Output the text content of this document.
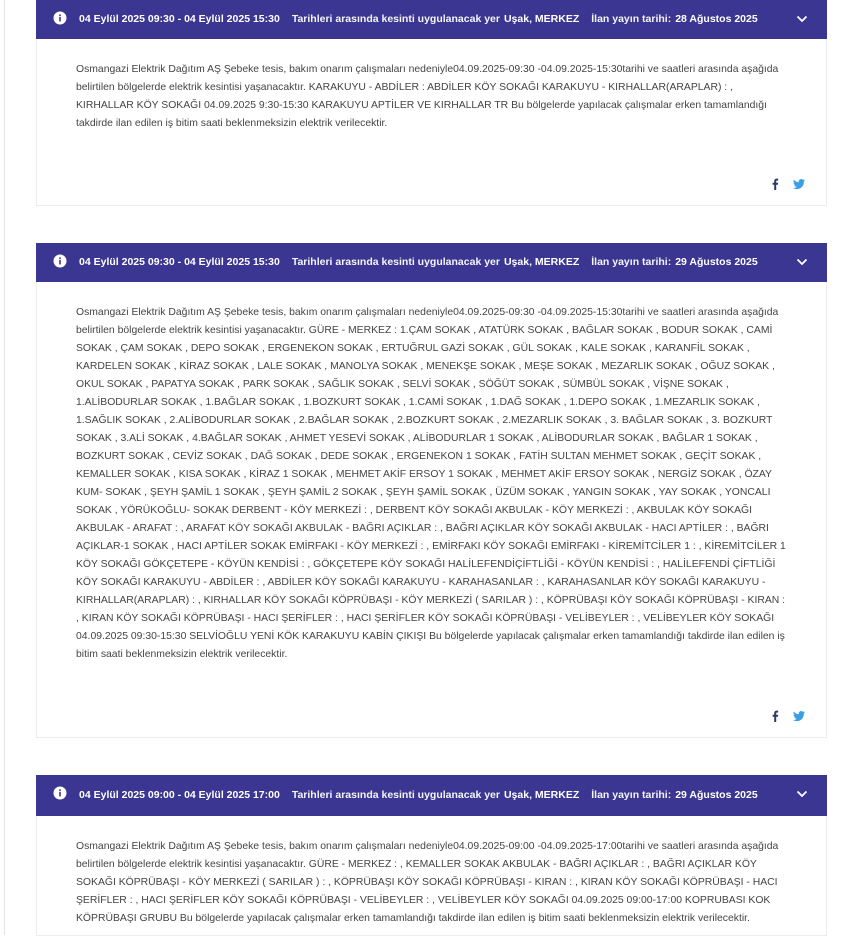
04 Eylül 2025 09:30 - 04 Eylül 2025 15:30 Tarihleri arasında kesinti uygulanacak yer Uşak, MERKEZ İlan yayın tarihi: 28 Ağustos 2025

Osmangazi Elektrik Dağıtım AŞ Şebeke tesis, bakım onarım çalışmaları nedeniyle04.09.2025-09:30 -04.09.2025-15:30tarihi ve saatleri arasında aşağıda belirtilen bölgelerde elektrik kesintisi yaşanacaktır. KARAKUYU - ABDİLER : ABDİLER KÖY SOKAĞI KARAKUYU - KIRHALLAR(ARAPLAR) : , KIRHALLAR KÖY SOKAĞI 04.09.2025 9:30-15:30 KARAKUYU APTİLER VE KIRHALLAR TR Bu bölgelerde yapılacak çalışmalar erken tamamlandığı takdirde ilan edilen iş bitim saati beklenmeksizin elektrik verilecektir.

04 Eylül 2025 09:30 - 04 Eylül 2025 15:30 Tarihleri arasında kesinti uygulanacak yer Uşak, MERKEZ İlan yayın tarihi: 29 Ağustos 2025

Osmangazi Elektrik Dağıtım AŞ Şebeke tesis, bakım onarım çalışmaları nedeniyle04.09.2025-09:30 -04.09.2025-15:30tarihi ve saatleri arasında aşağıda belirtilen bölgelerde elektrik kesintisi yaşanacaktır. GÜRE - MERKEZ : 1.ÇAM SOKAK , ATATÜRK SOKAK , BAĞLAR SOKAK , BODUR SOKAK , CAMİ SOKAK , ÇAM SOKAK , DEPO SOKAK , ERGENEKON SOKAK , ERTUĞRUL GAZİ SOKAK , GÜL SOKAK , KALE SOKAK , KARANFİL SOKAK , KARDELEN SOKAK , KİRAZ SOKAK , LALE SOKAK , MANOLYA SOKAK , MENEKŞE SOKAK , MEŞE SOKAK , MEZARLIK SOKAK , OĞUZ SOKAK , OKUL SOKAK , PAPATYA SOKAK , PARK SOKAK , SAĞLIK SOKAK , SELVİ SOKAK , SÖĞÜT SOKAK , SÜMBÜL SOKAK , VİŞNE SOKAK , 1.ALİBODURLAR SOKAK , 1.BAĞLAR SOKAK , 1.BOZKURT SOKAK , 1.CAMİ SOKAK , 1.DAĞ SOKAK , 1.DEPO SOKAK , 1.MEZARLIK SOKAK , 1.SAĞLIK SOKAK , 2.ALİBODURLAR SOKAK , 2.BAĞLAR SOKAK , 2.BOZKURT SOKAK , 2.MEZARLIK SOKAK , 3. BAĞLAR SOKAK , 3. BOZKURT SOKAK , 3.ALİ SOKAK , 4.BAĞLAR SOKAK , AHMET YESEVİ SOKAK , ALİBODURLAR 1 SOKAK , ALİBODURLAR SOKAK , BAĞLAR 1 SOKAK , BOZKURT SOKAK , CEVİZ SOKAK , DAĞ SOKAK , DEDE SOKAK , ERGENEKON 1 SOKAK , FATİH SULTAN MEHMET SOKAK , GEÇİT SOKAK , KEMALLER SOKAK , KISA SOKAK , KİRAZ 1 SOKAK , MEHMET AKİF ERSOY 1 SOKAK , MEHMET AKİF ERSOY SOKAK , NERGİZ SOKAK , ÖZAY KUM- SOKAK , ŞEYH ŞAMİL 1 SOKAK , ŞEYH ŞAMİL 2 SOKAK , ŞEYH ŞAMİL SOKAK , ÜZÜM SOKAK , YANGIN SOKAK , YAY SOKAK , YONCALI SOKAK , YÖRÜKOĞLU- SOKAK DERBENT - KÖY MERKEZİ : , DERBENT KÖY SOKAĞI AKBULAK - KÖY MERKEZİ : , AKBULAK KÖY SOKAĞI AKBULAK - ARAFAT : , ARAFAT KÖY SOKAĞI AKBULAK - BAĞRI AÇIKLAR : , BAĞRI AÇIKLAR KÖY SOKAĞI AKBULAK - HACI APTİLER : , BAĞRI AÇIKLAR-1 SOKAK , HACI APTİLER SOKAK EMİRFAKI - KÖY MERKEZİ : , EMİRFAKI KÖY SOKAĞI EMİRFAKI - KİREMİTCİLER 1 : , KİREMİTCİLER 1 KÖY SOKAĞI GÖKÇETEPE - KÖYÜN KENDİSİ : , GÖKÇETEPE KÖY SOKAĞI HALİLEFENDİÇİFTLİĞİ - KÖYÜN KENDİSİ : , HALİLEFENDİ ÇİFTLİĞİ KÖY SOKAĞI KARAKUYU - ABDİLER : , ABDİLER KÖY SOKAĞI KARAKUYU - KARAHASANLAR : , KARAHASANLAR KÖY SOKAĞI KARAKUYU - KIRHALLAR(ARAPLAR) : , KIRHALLAR KÖY SOKAĞI KÖPRÜBAŞI - KÖY MERKEZİ ( SARILAR ) : , KÖPRÜBAŞI KÖY SOKAĞI KÖPRÜBAŞI - KIRAN : , KIRAN KÖY SOKAĞI KÖPRÜBAŞI - HACI ŞERİFLER : , HACI ŞERİFLER KÖY SOKAĞI KÖPRÜBAŞI - VELİBEYLER : , VELİBEYLER KÖY SOKAĞI 04.09.2025 09:30-15:30 SELVİOĞLU YENİ KÖK KARAKUYU KABİN ÇIKIŞI Bu bölgelerde yapılacak çalışmalar erken tamamlandığı takdirde ilan edilen iş bitim saati beklenmeksizin elektrik verilecektir.

04 Eylül 2025 09:00 - 04 Eylül 2025 17:00 Tarihleri arasında kesinti uygulanacak yer Uşak, MERKEZ İlan yayın tarihi: 29 Ağustos 2025

Osmangazi Elektrik Dağıtım AŞ Şebeke tesis, bakım onarım çalışmaları nedeniyle04.09.2025-09:00 -04.09.2025-17:00tarihi ve saatleri arasında aşağıda belirtilen bölgelerde elektrik kesintisi yaşanacaktır. GÜRE - MERKEZ : , KEMALLER SOKAK AKBULAK - BAĞRI AÇIKLAR : , BAĞRI AÇIKLAR KÖY SOKAĞI KÖPRÜBAŞI - KÖY MERKEZİ ( SARILAR ) : , KÖPRÜBAŞI KÖY SOKAĞI KÖPRÜBAŞI - KIRAN : , KIRAN KÖY SOKAĞI KÖPRÜBAŞI - HACI ŞERİFLER : , HACI ŞERİFLER KÖY SOKAĞI KÖPRÜBAŞI - VELİBEYLER : , VELİBEYLER KÖY SOKAĞI 04.09.2025 09:00-17:00 KOPRUBASI KOK KÖPRÜBAŞI GRUBU Bu bölgelerde yapılacak çalışmalar erken tamamlandığı takdirde ilan edilen iş bitim saati beklenmeksizin elektrik verilecektir.
